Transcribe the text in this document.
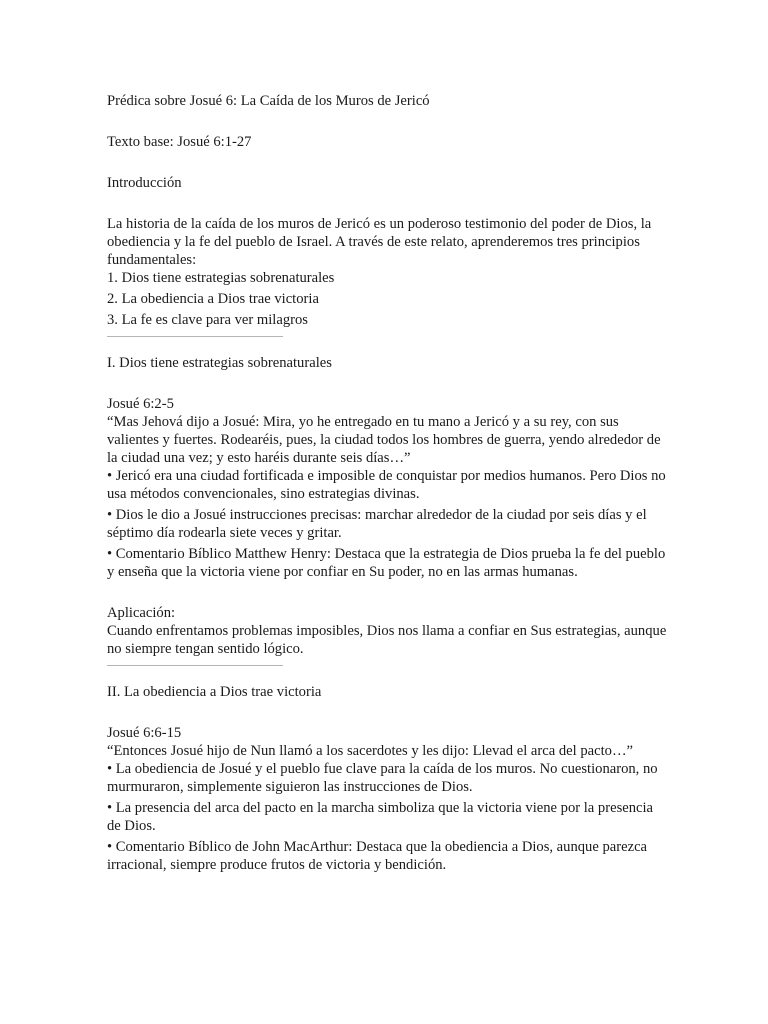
Prédica sobre Josué 6: La Caída de los Muros de Jericó

Texto base: Josué 6:1-27

Introducción

La historia de la caída de los muros de Jericó es un poderoso testimonio del poder de Dios, la obediencia y la fe del pueblo de Israel. A través de este relato, aprenderemos tres principios fundamentales:

1. Dios tiene estrategias sobrenaturales

2. La obediencia a Dios trae victoria

3. La fe es clave para ver milagros

I. Dios tiene estrategias sobrenaturales

Josué 6:2-5

“Mas Jehová dijo a Josué: Mira, yo he entregado en tu mano a Jericó y a su rey, con sus valientes y fuertes. Rodearéis, pues, la ciudad todos los hombres de guerra, yendo alrededor de la ciudad una vez; y esto haréis durante seis días…”

• Jericó era una ciudad fortificada e imposible de conquistar por medios humanos. Pero Dios no usa métodos convencionales, sino estrategias divinas.

• Dios le dio a Josué instrucciones precisas: marchar alrededor de la ciudad por seis días y el séptimo día rodearla siete veces y gritar.

• Comentario Bíblico Matthew Henry: Destaca que la estrategia de Dios prueba la fe del pueblo y enseña que la victoria viene por confiar en Su poder, no en las armas humanas.

Aplicación:

Cuando enfrentamos problemas imposibles, Dios nos llama a confiar en Sus estrategias, aunque no siempre tengan sentido lógico.

II. La obediencia a Dios trae victoria

Josué 6:6-15

“Entonces Josué hijo de Nun llamó a los sacerdotes y les dijo: Llevad el arca del pacto…”

• La obediencia de Josué y el pueblo fue clave para la caída de los muros. No cuestionaron, no murmuraron, simplemente siguieron las instrucciones de Dios.

• La presencia del arca del pacto en la marcha simboliza que la victoria viene por la presencia de Dios.

• Comentario Bíblico de John MacArthur: Destaca que la obediencia a Dios, aunque parezca irracional, siempre produce frutos de victoria y bendición.
